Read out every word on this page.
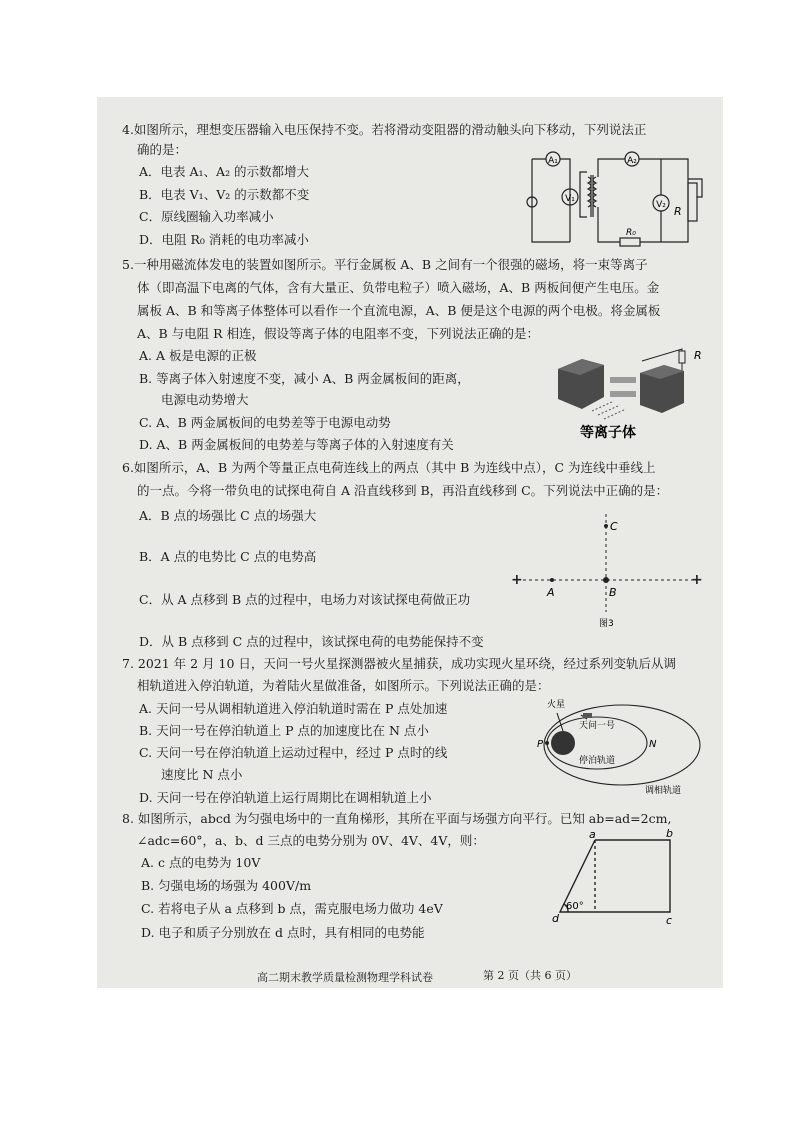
4.如图所示，理想变压器输入电压保持不变。若将滑动变阻器的滑动触头向下移动，下列说法正
确的是：
A．电表 A₁、A₂ 的示数都增大
B．电表 V₁、V₂ 的示数都不变
C．原线圈输入功率减小
D．电阻 R₀ 消耗的电功率减小
A₁	A₂
V₁
V₂ R
R₀
5.一种用磁流体发电的装置如图所示。平行金属板 A、B 之间有一个很强的磁场，将一束等离子
体（即高温下电离的气体，含有大量正、负带电粒子）喷入磁场，A、B 两板间便产生电压。金
属板 A、B 和等离子体整体可以看作一个直流电源，A、B 便是这个电源的两个电极。将金属板
A、B 与电阻 R 相连，假设等离子体的电阻率不变，下列说法正确的是：
A. A 板是电源的正极
B. 等离子体入射速度不变，减小 A、B 两金属板间的距离，
电源电动势增大
C. A、B 两金属板间的电势差等于电源电动势
D. A、B 两金属板间的电势差与等离子体的入射速度有关
R
等离子体
6.如图所示，A、B 为两个等量正点电荷连线上的两点（其中 B 为连线中点），C 为连线中垂线上
的一点。今将一带负电的试探电荷自 A 沿直线移到 B，再沿直线移到 C。下列说法中正确的是：
A．B 点的场强比 C 点的场强大
B．A 点的电势比 C 点的电势高
C．从 A 点移到 B 点的过程中，电场力对该试探电荷做正功
D．从 B 点移到 C 点的过程中，该试探电荷的电势能保持不变
+	+
A	B
C
图3
7. 2021 年 2 月 10 日，天问一号火星探测器被火星捕获，成功实现火星环绕，经过系列变轨后从调
相轨道进入停泊轨道，为着陆火星做准备，如图所示。下列说法正确的是：
A. 天问一号从调相轨道进入停泊轨道时需在 P 点处加速
B. 天问一号在停泊轨道上 P 点的加速度比在 N 点小
C. 天问一号在停泊轨道上运动过程中，经过 P 点时的线
速度比 N 点小
D. 天问一号在停泊轨道上运行周期比在调相轨道上小
火星
天问一号
P	N
停泊轨道
调相轨道
8. 如图所示，abcd 为匀强电场中的一直角梯形，其所在平面与场强方向平行。已知 ab=ad=2cm,
∠adc=60°，a、b、d 三点的电势分别为 0V、4V、4V，则：
A. c 点的电势为 10V
B. 匀强电场的场强为 400V/m
C. 若将电子从 a 点移到 b 点，需克服电场力做功 4eV
D. 电子和质子分别放在 d 点时，具有相同的电势能
a	b
c
d
60°
高二期末教学质量检测物理学科试卷	第 2 页（共 6 页）
